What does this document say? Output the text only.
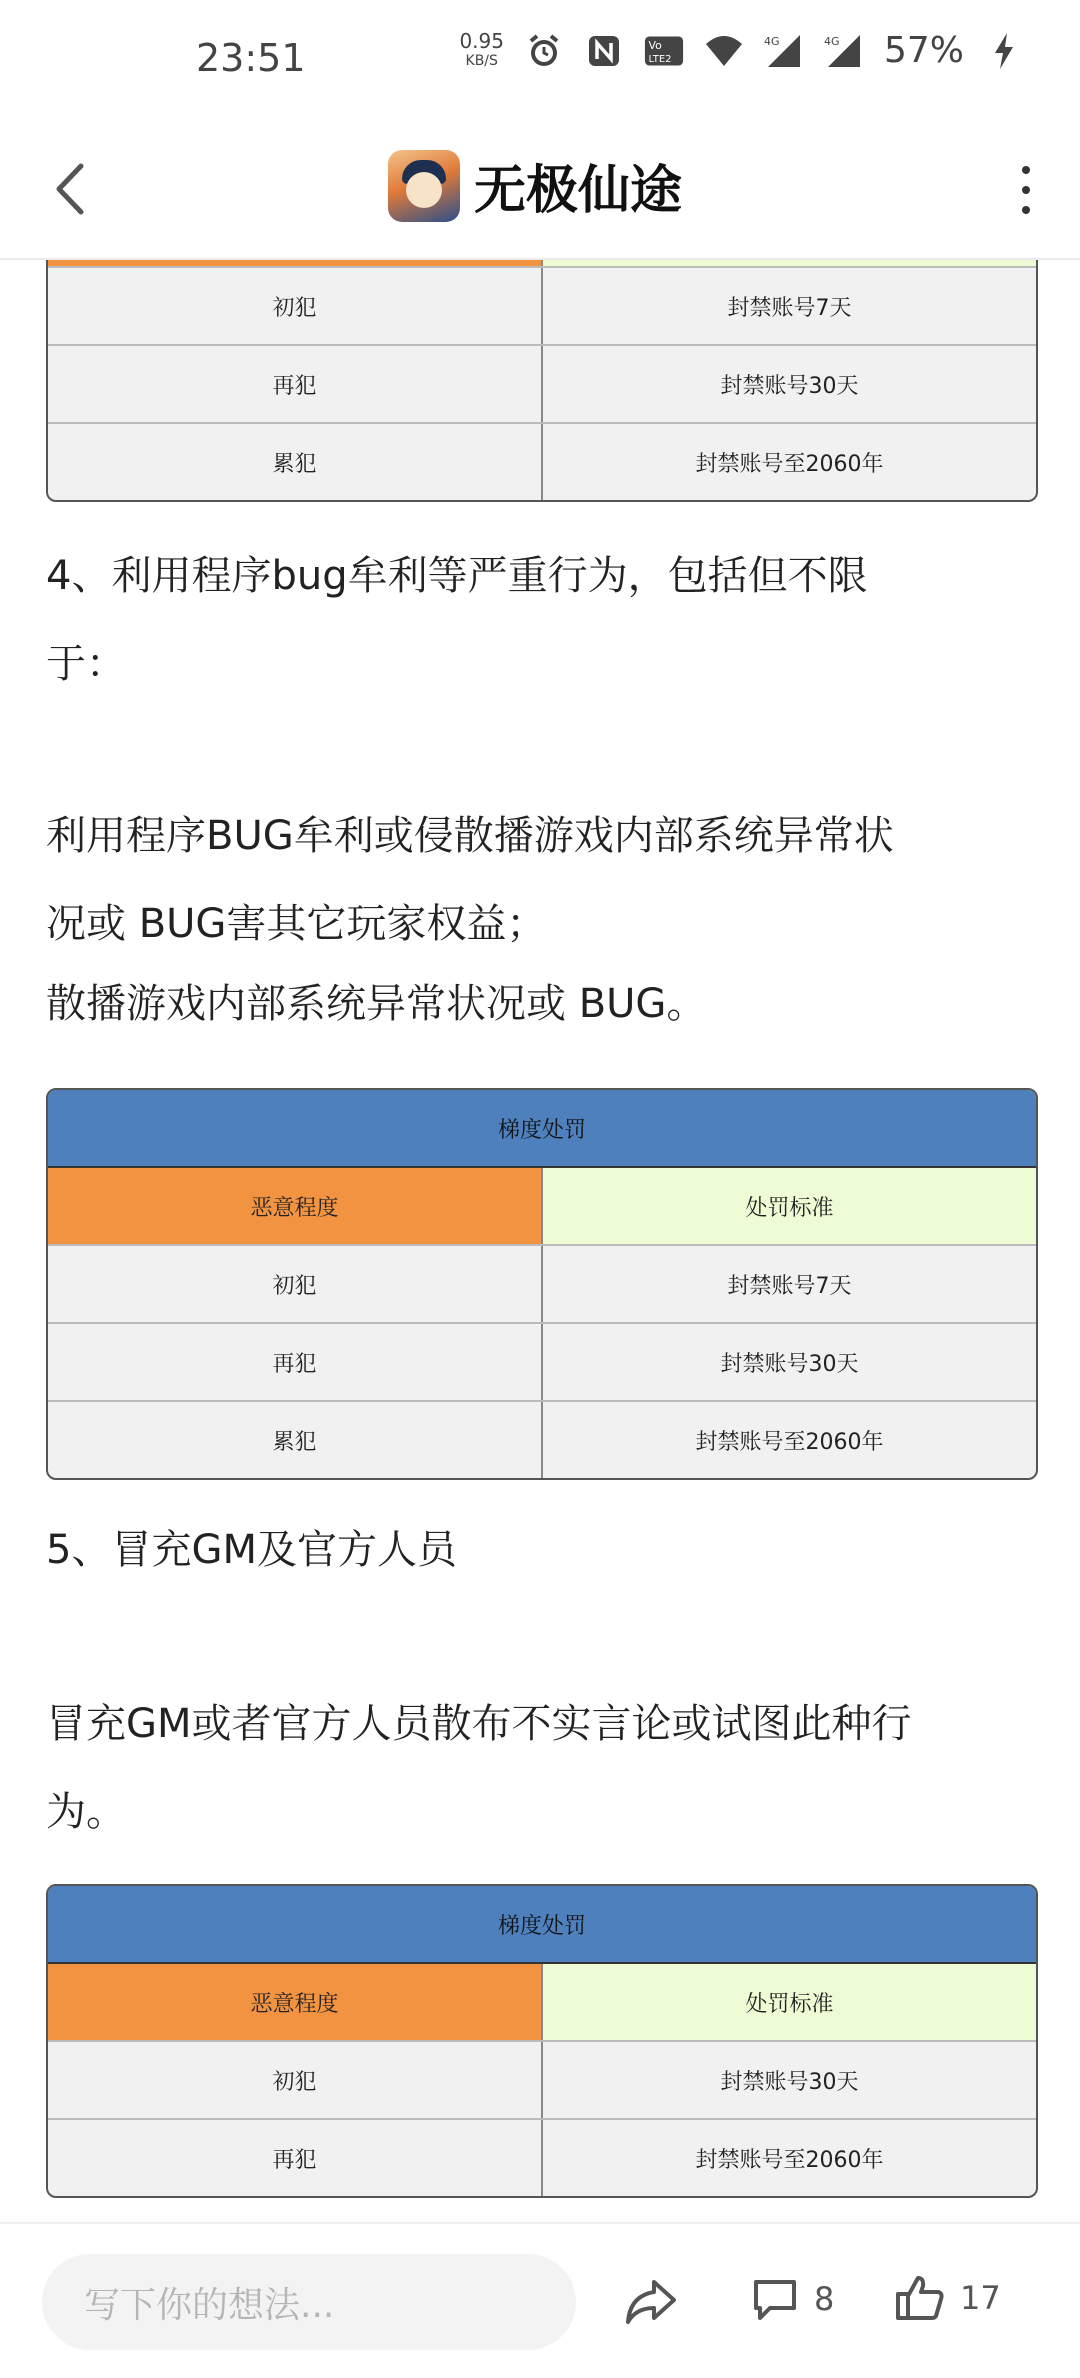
23:51	0.95
KB/S
Vo
LTE2
4G	4G 57%
无极仙途
初犯	封禁账号7天
再犯	封禁账号30天
累犯	封禁账号至2060年
4、利用程序bug牟利等严重行为，包括但不限
于：
利用程序BUG牟利或侵散播游戏内部系统异常状
况或 BUG害其它玩家权益；
散播游戏内部系统异常状况或 BUG。
梯度处罚
恶意程度	处罚标准
初犯	封禁账号7天
再犯	封禁账号30天
累犯	封禁账号至2060年
5、冒充GM及官方人员
冒充GM或者官方人员散布不实言论或试图此种行
为。
梯度处罚
恶意程度	处罚标准
初犯	封禁账号30天
再犯	封禁账号至2060年
写下你的想法...	8	17
